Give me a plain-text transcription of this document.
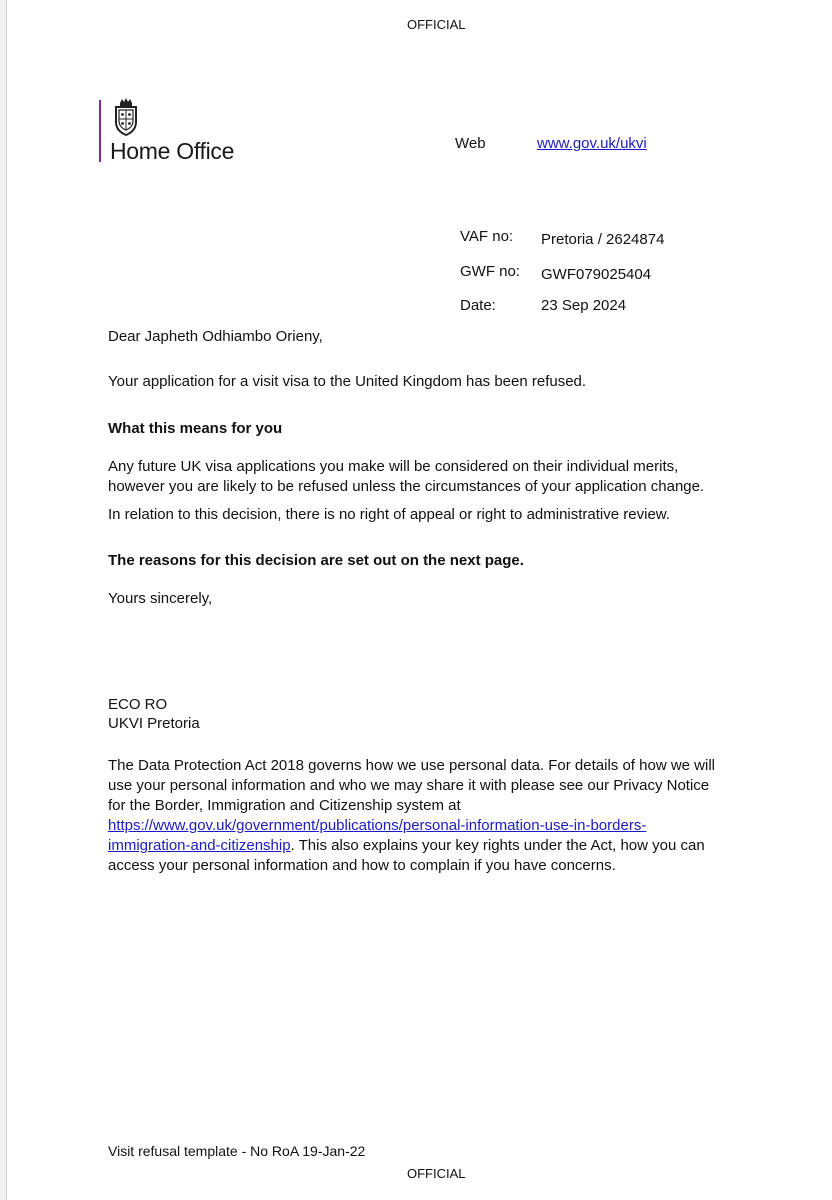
OFFICIAL
Home Office	Web	www.gov.uk/ukvi
VAF no: Pretoria / 2624874
GWF no: GWF079025404
Date:	23 Sep 2024
Dear Japheth Odhiambo Orieny,
Your application for a visit visa to the United Kingdom has been refused.
What this means for you
Any future UK visa applications you make will be considered on their individual merits,
however you are likely to be refused unless the circumstances of your application change.
In relation to this decision, there is no right of appeal or right to administrative review.
The reasons for this decision are set out on the next page.
Yours sincerely,
ECO RO
UKVI Pretoria
The Data Protection Act 2018 governs how we use personal data. For details of how we will
use your personal information and who we may share it with please see our Privacy Notice
for the Border, Immigration and Citizenship system at
https://www.gov.uk/government/publications/personal-information-use-in-borders-
immigration-and-citizenship. This also explains your key rights under the Act, how you can
access your personal information and how to complain if you have concerns.
Visit refusal template - No RoA 19-Jan-22
OFFICIAL
